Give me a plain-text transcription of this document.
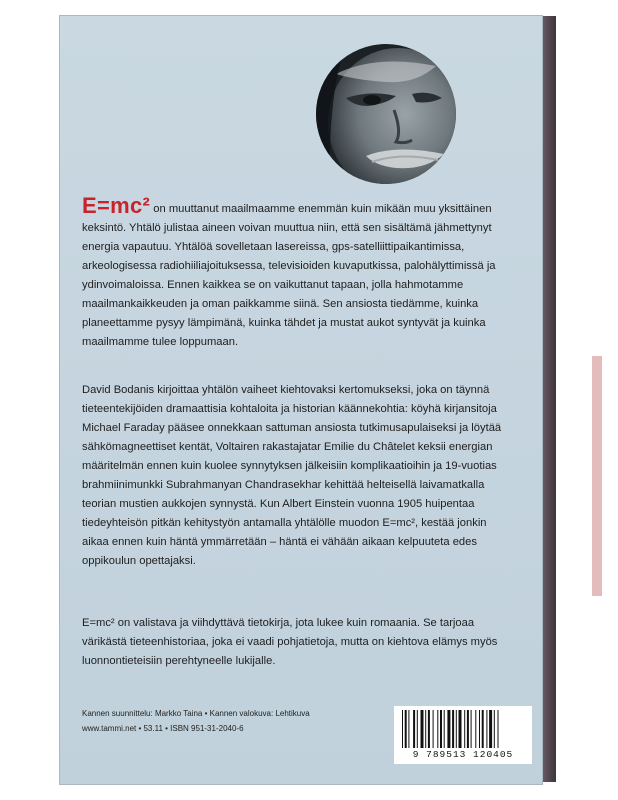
E=mc² on muuttanut maailmaamme enemmän kuin mikään muu yksittäinen keksintö. Yhtälö julistaa aineen voivan muuttua niin, että sen sisältämä jähmettynyt energia vapautuu. Yhtälöä sovelletaan lasereissa, gps-satelliittipaikantimissa, arkeologisessa radiohiiliajoituksessa, televisioiden kuvaputkissa, palohälyttimissä ja ydinvoimaloissa. Ennen kaikkea se on vaikuttanut tapaan, jolla hahmotamme maailmankaikkeuden ja oman paikkamme siinä. Sen ansiosta tiedämme, kuinka planeettamme pysyy lämpimänä, kuinka tähdet ja mustat aukot syntyvät ja kuinka maailmamme tulee loppumaan.
David Bodanis kirjoittaa yhtälön vaiheet kiehtovaksi kertomukseksi, joka on täynnä tieteentekijöiden dramaattisia kohtaloita ja historian käännekohtia: köyhä kirjansitoja Michael Faraday pääsee onnekkaan sattuman ansiosta tutkimusapulaiseksi ja löytää sähkömagneettiset kentät, Voltairen rakastajatar Emilie du Châtelet keksii energian määritelmän ennen kuin kuolee synnytyksen jälkeisiin komplikaatioihin ja 19-vuotias brahmiinimunkki Subrahmanyan Chandrasekhar kehittää helteisellä laivamatkalla teorian mustien aukkojen synnystä. Kun Albert Einstein vuonna 1905 huipentaa tiedeyhteisön pitkän kehitystyön antamalla yhtälölle muodon E=mc², kestää jonkin aikaa ennen kuin häntä ymmärretään – häntä ei vähään aikaan kelpuuteta edes oppikoulun opettajaksi.
E=mc² on valistava ja viihdyttävä tietokirja, jota lukee kuin romaania. Se tarjoaa värikästä tieteenhistoriaa, joka ei vaadi pohjatietoja, mutta on kiehtova elämys myös luonnontieteisiin perehtyneelle lukijalle.
Kannen suunnittelu: Markko Taina • Kannen valokuva: Lehtikuva
www.tammi.net • 53.11 • ISBN 951-31-2040-6
9 789513 120405
